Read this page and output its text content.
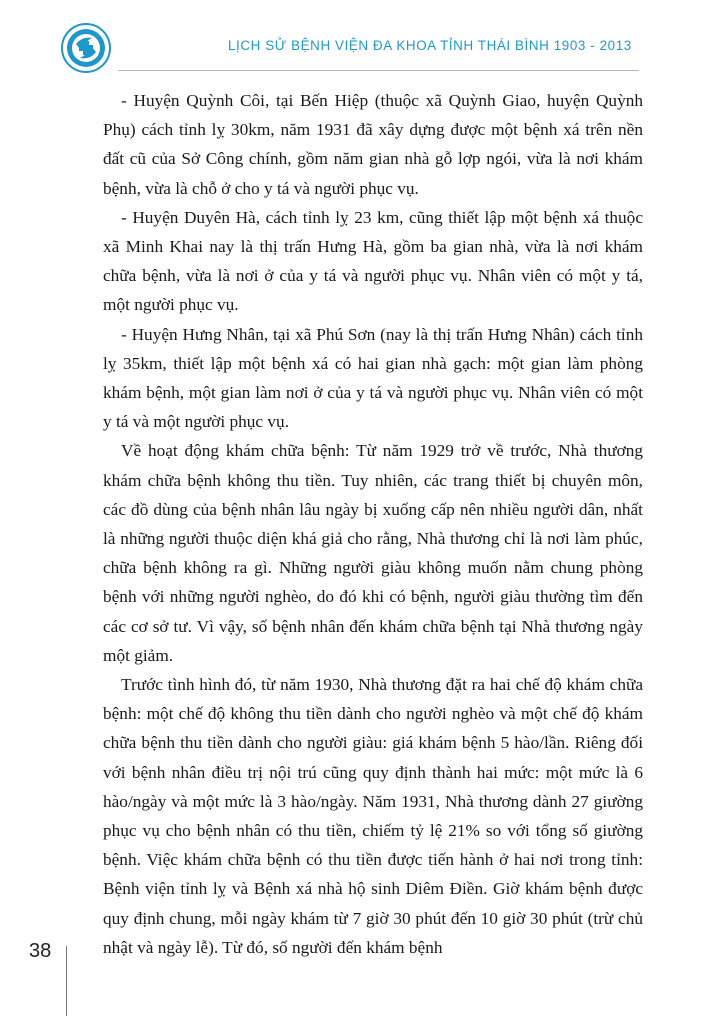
LỊCH SỬ BỆNH VIỆN ĐA KHOA TỈNH THÁI BÌNH 1903 - 2013

- Huyện Quỳnh Côi, tại Bến Hiệp (thuộc xã Quỳnh Giao, huyện Quỳnh Phụ) cách tỉnh lỵ 30km, năm 1931 đã xây dựng được một bệnh xá trên nền đất cũ của Sở Công chính, gồm năm gian nhà gỗ lợp ngói, vừa là nơi khám bệnh, vừa là chỗ ở cho y tá và người phục vụ.

- Huyện Duyên Hà, cách tỉnh lỵ 23 km, cũng thiết lập một bệnh xá thuộc xã Minh Khai nay là thị trấn Hưng Hà, gồm ba gian nhà, vừa là nơi khám chữa bệnh, vừa là nơi ở của y tá và người phục vụ. Nhân viên có một y tá, một người phục vụ.

- Huyện Hưng Nhân, tại xã Phú Sơn (nay là thị trấn Hưng Nhân) cách tỉnh lỵ 35km, thiết lập một bệnh xá có hai gian nhà gạch: một gian làm phòng khám bệnh, một gian làm nơi ở của y tá và người phục vụ. Nhân viên có một y tá và một người phục vụ.

Về hoạt động khám chữa bệnh: Từ năm 1929 trở về trước, Nhà thương khám chữa bệnh không thu tiền. Tuy nhiên, các trang thiết bị chuyên môn, các đồ dùng của bệnh nhân lâu ngày bị xuống cấp nên nhiều người dân, nhất là những người thuộc diện khá giả cho rằng, Nhà thương chỉ là nơi làm phúc, chữa bệnh không ra gì. Những người giàu không muốn nằm chung phòng bệnh với những người nghèo, do đó khi có bệnh, người giàu thường tìm đến các cơ sở tư. Vì vậy, số bệnh nhân đến khám chữa bệnh tại Nhà thương ngày một giảm.

Trước tình hình đó, từ năm 1930, Nhà thương đặt ra hai chế độ khám chữa bệnh: một chế độ không thu tiền dành cho người nghèo và một chế độ khám chữa bệnh thu tiền dành cho người giàu: giá khám bệnh 5 hào/lần. Riêng đối với bệnh nhân điều trị nội trú cũng quy định thành hai mức: một mức là 6 hào/ngày và một mức là 3 hào/ngày. Năm 1931, Nhà thương dành 27 giường phục vụ cho bệnh nhân có thu tiền, chiếm tỷ lệ 21% so với tổng số giường bệnh. Việc khám chữa bệnh có thu tiền được tiến hành ở hai nơi trong tỉnh: Bệnh viện tỉnh lỵ và Bệnh xá nhà hộ sinh Diêm Điền. Giờ khám bệnh được quy định chung, mỗi ngày khám từ 7 giờ 30 phút đến 10 giờ 30 phút (trừ chủ nhật và ngày lễ). Từ đó, số người đến khám bệnh

38
